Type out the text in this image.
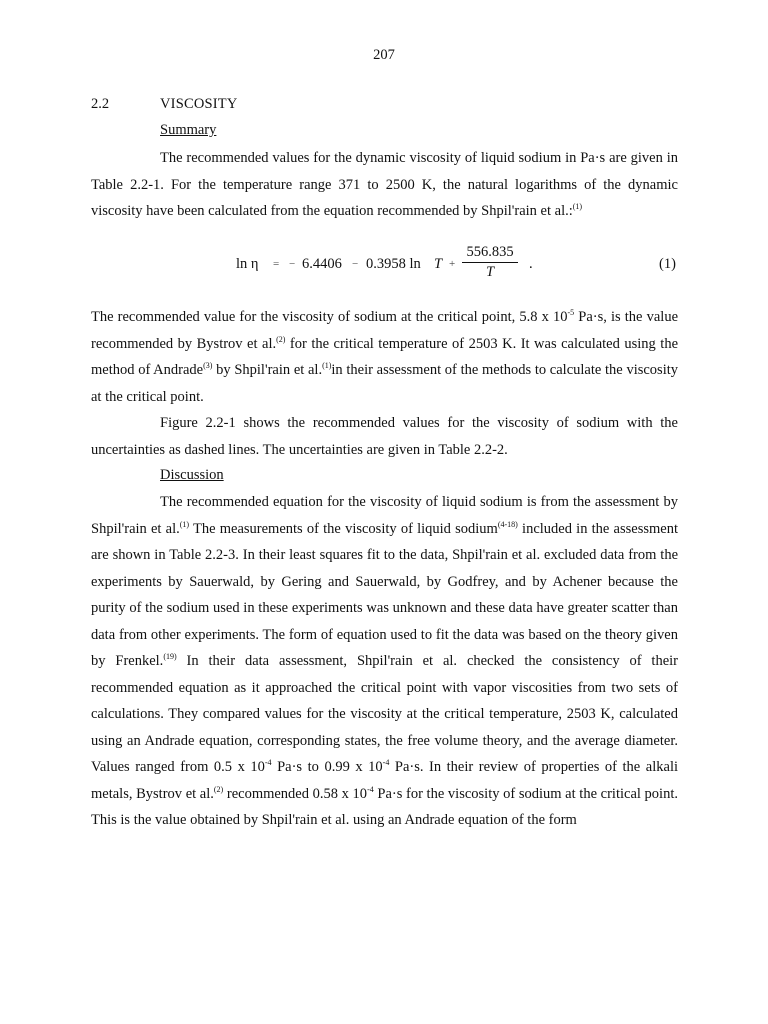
207
2.2	VISCOSITY
Summary

The recommended values for the dynamic viscosity of liquid sodium in Pa·s are given in Table 2.2-1. For the temperature range 371 to 2500 K, the natural logarithms of the dynamic viscosity have been calculated from the equation recommended by Shpil'rain et al.:$^{(1)}$

ln η = − 6.4406 − 0.3958 $\ln T + \frac{556.835}{T}$ .	(1)

The recommended value for the viscosity of sodium at the critical point, 5.8 x $10^{-5}$ Pa·s, is the value recommended by Bystrov et al.$^{(2)}$ for the critical temperature of 2503 K. It was calculated using the method of Andrade$^{(3)}$ by Shpil'rain et al.$^{(1)}$in their assessment of the methods to calculate the viscosity at the critical point.

Figure 2.2-1 shows the recommended values for the viscosity of sodium with the uncertainties as dashed lines. The uncertainties are given in Table 2.2-2.

Discussion

The recommended equation for the viscosity of liquid sodium is from the assessment by Shpil'rain et al.$^{(1)}$ The measurements of the viscosity of liquid sodium$^{(4-18)}$ included in the assessment are shown in Table 2.2-3. In their least squares fit to the data, Shpil'rain et al. excluded data from the experiments by Sauerwald, by Gering and Sauerwald, by Godfrey, and by Achener because the purity of the sodium used in these experiments was unknown and these data have greater scatter than data from other experiments. The form of equation used to fit the data was based on the theory given by Frenkel.$^{(19)}$ In their data assessment, Shpil'rain et al. checked the consistency of their recommended equation as it approached the critical point with vapor viscosities from two sets of calculations. They compared values for the viscosity at the critical temperature, 2503 K, calculated using an Andrade equation, corresponding states, the free volume theory, and the average diameter. Values ranged from 0.5 x $10^{-4}$ Pa·s to 0.99 x $10^{-4}$ Pa·s. In their review of properties of the alkali metals, Bystrov et al.$^{(2)}$ recommended 0.58 x $10^{-4}$ Pa·s for the viscosity of sodium at the critical point. This is the value obtained by Shpil'rain et al. using an Andrade equation of the form
